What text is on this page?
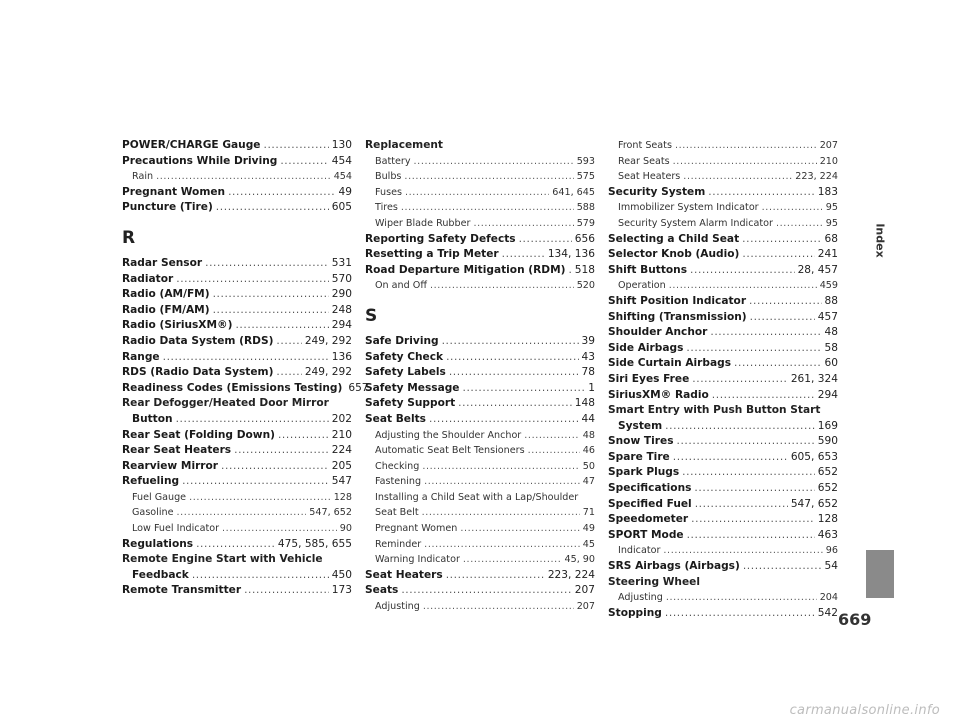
POWER/CHARGE Gauge .....	130
Precautions While Driving .....	454
Rain .....	454
Pregnant Women .....	49
Puncture (Tire) .....	605
R
Radar Sensor .....	531
Radiator .....	570
Radio (AM/FM) .....	290
Radio (FM/AM) .....	248
Radio (SiriusXM®) .....	294
Radio Data System (RDS) .....	249, 292
Range .....	136
RDS (Radio Data System) .....	249, 292
Readiness Codes (Emissions Testing) 657
Rear Defogger/Heated Door Mirror
Button .....	202
Rear Seat (Folding Down) .....	210
Rear Seat Heaters .....	224
Rearview Mirror .....	205
Refueling .....	547
Fuel Gauge .....	128
Gasoline .....	547, 652
Low Fuel Indicator .....	90
Regulations .....	475, 585, 655
Remote Engine Start with Vehicle
Feedback .....	450
Remote Transmitter .....	173
Replacement
Battery .....	593
Bulbs .....	575
Fuses .....	641, 645
Tires .....	588
Wiper Blade Rubber .....	579
Reporting Safety Defects .....	656
Resetting a Trip Meter .....	134, 136
Road Departure Mitigation (RDM) ..... 518
On and Off .....	520
S
Safe Driving .....	39
Safety Check .....	43
Safety Labels .....	78
Safety Message .....	1
Safety Support .....	148
Seat Belts .....	44
Adjusting the Shoulder Anchor .....	48
Automatic Seat Belt Tensioners .....	46
Checking .....	50
Fastening .....	47
Installing a Child Seat with a Lap/Shoulder
Seat Belt .....	71
Pregnant Women .....	49
Reminder .....	45
Warning Indicator .....	45, 90
Seat Heaters .....	223, 224
Seats .....	207
Adjusting .....	207
Front Seats .....	207
Rear Seats .....	210
Seat Heaters .....	223, 224
Security System .....	183
Immobilizer System Indicator .....	95
Security System Alarm Indicator .....	95
Selecting a Child Seat .....	68
Selector Knob (Audio) .....	241
Shift Buttons .....	28, 457
Operation .....	459
Shift Position Indicator .....	88
Shifting (Transmission) .....	457
Shoulder Anchor .....	48
Side Airbags .....	58
Side Curtain Airbags .....	60
Siri Eyes Free .....	261, 324
SiriusXM® Radio .....	294
Smart Entry with Push Button Start
System .....	169
Snow Tires .....	590
Spare Tire .....	605, 653
Spark Plugs .....	652
Specifications .....	652
Specified Fuel .....	547, 652
Speedometer .....	128
SPORT Mode .....	463
Indicator .....	96
SRS Airbags (Airbags) .....	54
Steering Wheel
Adjusting .....	204
Stopping .....	542
Index
669
carmanualsonline.info
